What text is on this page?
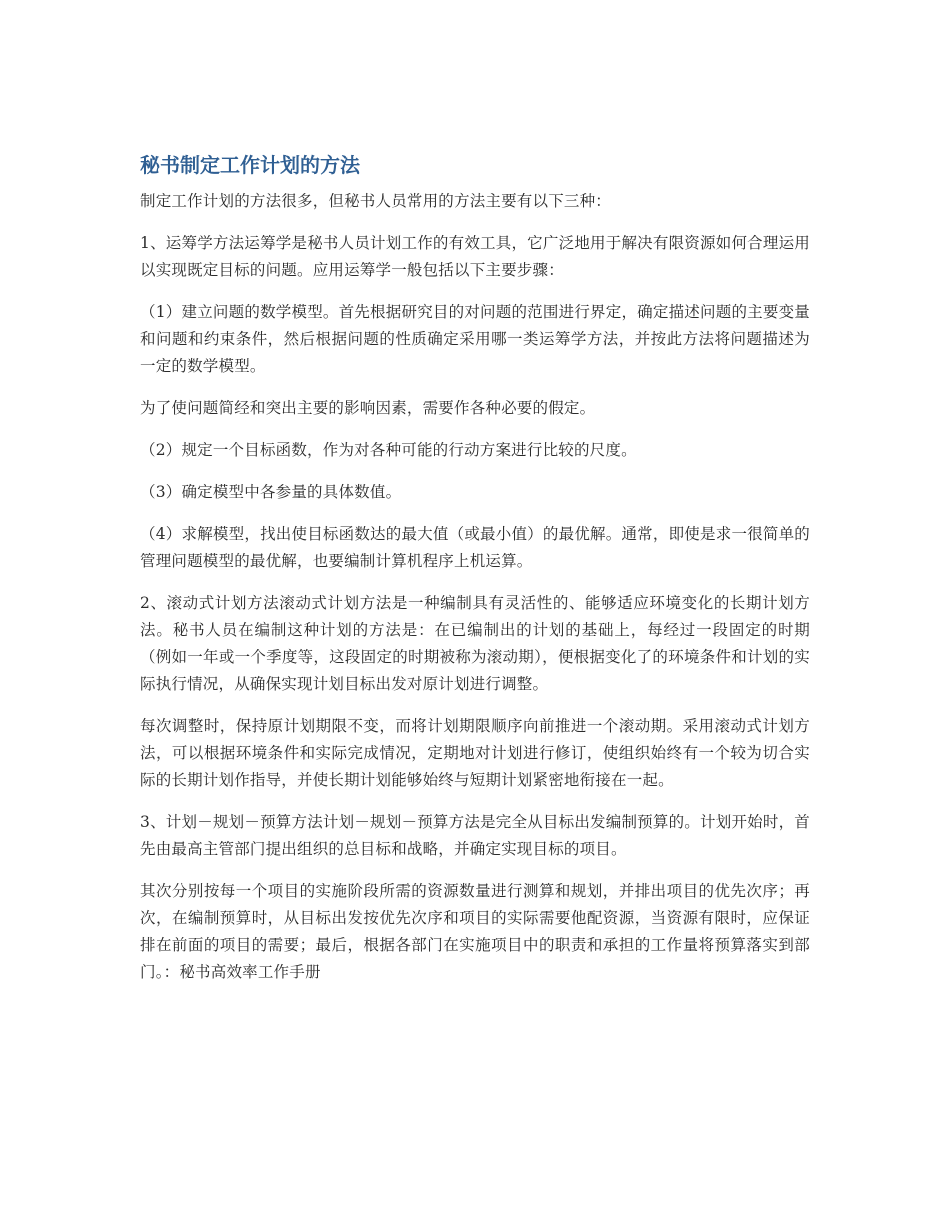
秘书制定工作计划的方法

制定工作计划的方法很多，但秘书人员常用的方法主要有以下三种：

1、运筹学方法运筹学是秘书人员计划工作的有效工具，它广泛地用于解决有限资源如何合理运用以实现既定目标的问题。应用运筹学一般包括以下主要步骤：

（1）建立问题的数学模型。首先根据研究目的对问题的范围进行界定，确定描述问题的主要变量和问题和约束条件，然后根据问题的性质确定采用哪一类运筹学方法，并按此方法将问题描述为一定的数学模型。

为了使问题简经和突出主要的影响因素，需要作各种必要的假定。

（2）规定一个目标函数，作为对各种可能的行动方案进行比较的尺度。

（3）确定模型中各参量的具体数值。

（4）求解模型，找出使目标函数达的最大值（或最小值）的最优解。通常，即使是求一很简单的管理问题模型的最优解，也要编制计算机程序上机运算。

2、滚动式计划方法滚动式计划方法是一种编制具有灵活性的、能够适应环境变化的长期计划方法。秘书人员在编制这种计划的方法是：在已编制出的计划的基础上，每经过一段固定的时期（例如一年或一个季度等，这段固定的时期被称为滚动期），便根据变化了的环境条件和计划的实际执行情况，从确保实现计划目标出发对原计划进行调整。

每次调整时，保持原计划期限不变，而将计划期限顺序向前推进一个滚动期。采用滚动式计划方法，可以根据环境条件和实际完成情况，定期地对计划进行修订，使组织始终有一个较为切合实际的长期计划作指导，并使长期计划能够始终与短期计划紧密地衔接在一起。

3、计划－规划－预算方法计划－规划－预算方法是完全从目标出发编制预算的。计划开始时，首先由最高主管部门提出组织的总目标和战略，并确定实现目标的项目。

其次分别按每一个项目的实施阶段所需的资源数量进行测算和规划，并排出项目的优先次序；再次，在编制预算时，从目标出发按优先次序和项目的实际需要他配资源，当资源有限时，应保证排在前面的项目的需要；最后，根据各部门在实施项目中的职责和承担的工作量将预算落实到部门。：秘书高效率工作手册
